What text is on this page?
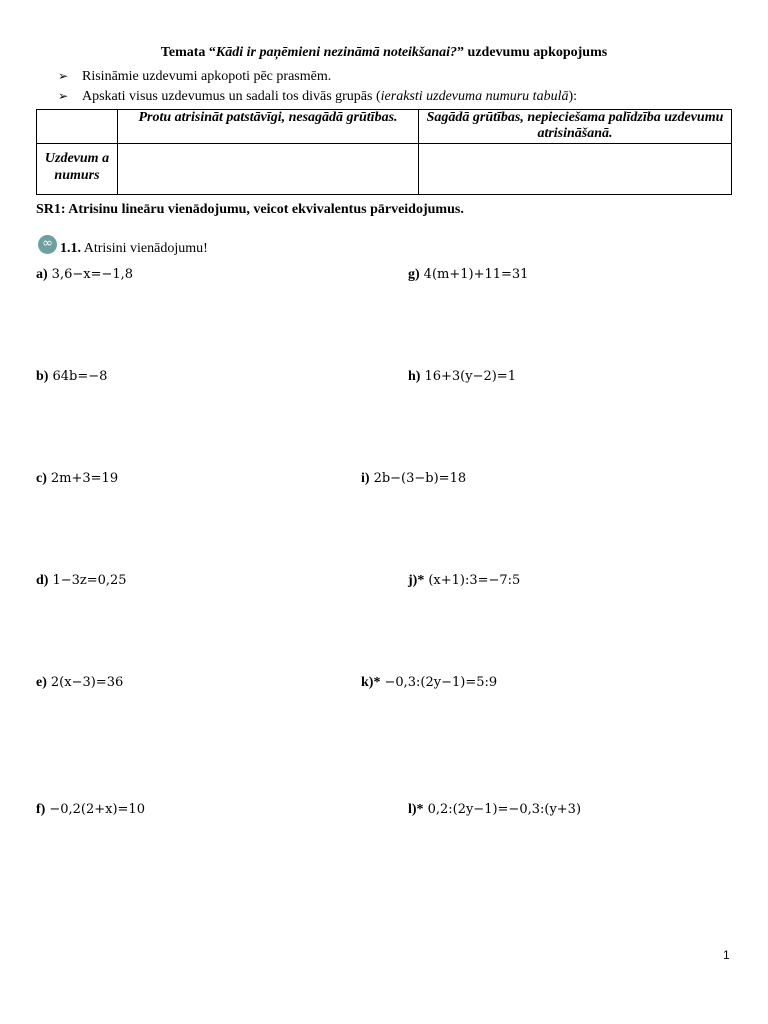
Temata “Kādi ir paņēmieni nezināmā noteikšanai?” uzdevumu apkopojums
➢ Risināmie uzdevumi apkopoti pēc prasmēm.
➢ Apskati visus uzdevumus un sadali tos divās grupās (ieraksti uzdevuma numuru tabulā):
	Protu atrisināt patstāvīgi, nesagādā grūtības.	Sagādā grūtības, nepieciešama palīdzība uzdevumu atrisināšanā.
Uzdevum a numurs		
SR1: Atrisinu lineāru vienādojumu, veicot ekvivalentus pārveidojumus.
∞ 1.1. Atrisini vienādojumu!
a) 3,6−x=−1,8
b) 64b=−8
c) 2m+3=19
d) 1−3z=0,25
e) 2(x−3)=36
f) −0,2(2+x)=10
g) 4(m+1)+11=31
h) 16+3(y−2)=1
i) 2b−(3−b)=18
j)* (x+1):3=−7:5
k)* −0,3:(2y−1)=5:9
l)* 0,2:(2y−1)=−0,3:(y+3)
1
